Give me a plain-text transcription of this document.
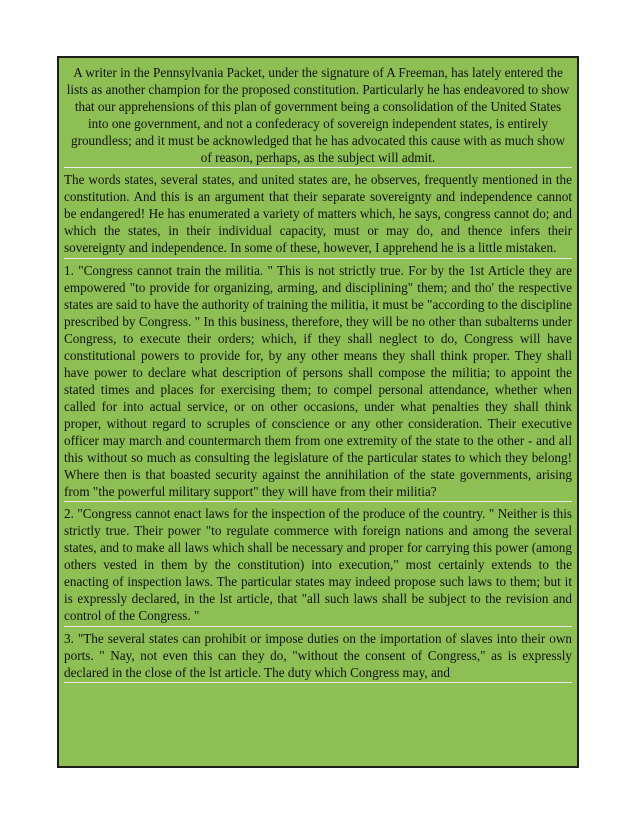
A writer in the Pennsylvania Packet, under the signature of A Freeman, has lately entered the lists as another champion for the proposed constitution. Particularly he has endeavored to show that our apprehensions of this plan of government being a consolidation of the United States into one government, and not a confederacy of sovereign independent states, is entirely groundless; and it must be acknowledged that he has advocated this cause with as much show of reason, perhaps, as the subject will admit.

The words states, several states, and united states are, he observes, frequently mentioned in the constitution. And this is an argument that their separate sovereignty and independence cannot be endangered! He has enumerated a variety of matters which, he says, congress cannot do; and which the states, in their individual capacity, must or may do, and thence infers their sovereignty and independence. In some of these, however, I apprehend he is a little mistaken.

1. "Congress cannot train the militia. " This is not strictly true. For by the 1st Article they are empowered "to provide for organizing, arming, and disciplining" them; and tho' the respective states are said to have the authority of training the militia, it must be "according to the discipline prescribed by Congress. " In this business, therefore, they will be no other than subalterns under Congress, to execute their orders; which, if they shall neglect to do, Congress will have constitutional powers to provide for, by any other means they shall think proper. They shall have power to declare what description of persons shall compose the militia; to appoint the stated times and places for exercising them; to compel personal attendance, whether when called for into actual service, or on other occasions, under what penalties they shall think proper, without regard to scruples of conscience or any other consideration. Their executive officer may march and countermarch them from one extremity of the state to the other - and all this without so much as consulting the legislature of the particular states to which they belong! Where then is that boasted security against the annihilation of the state governments, arising from "the powerful military support" they will have from their militia?

2. "Congress cannot enact laws for the inspection of the produce of the country. " Neither is this strictly true. Their power "to regulate commerce with foreign nations and among the several states, and to make all laws which shall be necessary and proper for carrying this power (among others vested in them by the constitution) into execution," most certainly extends to the enacting of inspection laws. The particular states may indeed propose such laws to them; but it is expressly declared, in the lst article, that "all such laws shall be subject to the revision and control of the Congress. "

3. "The several states can prohibit or impose duties on the importation of slaves into their own ports. " Nay, not even this can they do, "without the consent of Congress," as is expressly declared in the close of the lst article. The duty which Congress may, and
